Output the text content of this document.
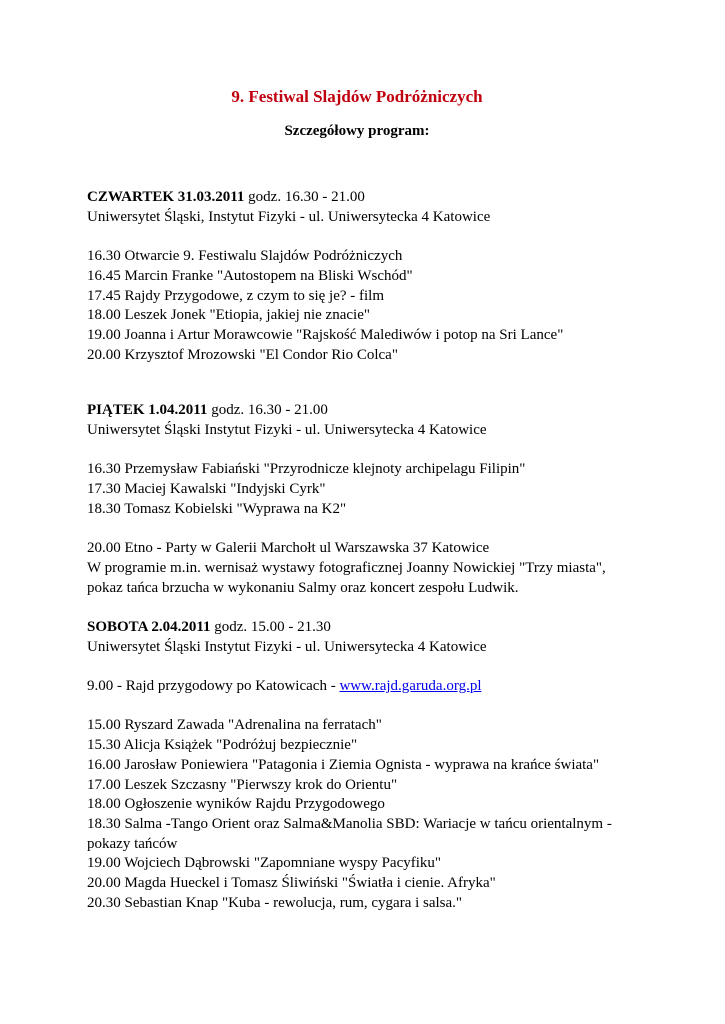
9. Festiwal Slajdów Podróżniczych
Szczegółowy program:
CZWARTEK 31.03.2011 godz. 16.30 - 21.00
Uniwersytet Śląski, Instytut Fizyki - ul. Uniwersytecka 4 Katowice
16.30 Otwarcie 9. Festiwalu Slajdów Podróżniczych
16.45 Marcin Franke "Autostopem na Bliski Wschód"
17.45 Rajdy Przygodowe, z czym to się je? - film
18.00 Leszek Jonek "Etiopia, jakiej nie znacie"
19.00 Joanna i Artur Morawcowie "Rajskość Malediwów i potop na Sri Lance"
20.00 Krzysztof Mrozowski "El Condor Rio Colca"
PIĄTEK 1.04.2011 godz. 16.30 - 21.00
Uniwersytet Śląski Instytut Fizyki - ul. Uniwersytecka 4 Katowice
16.30 Przemysław Fabiański "Przyrodnicze klejnoty archipelagu Filipin"
17.30 Maciej Kawalski "Indyjski Cyrk"
18.30 Tomasz Kobielski "Wyprawa na K2"
20.00 Etno - Party w Galerii Marchołt ul Warszawska 37 Katowice
W programie m.in. wernisaż wystawy fotograficznej Joanny Nowickiej "Trzy miasta", pokaz tańca brzucha w wykonaniu Salmy oraz koncert zespołu Ludwik.
SOBOTA 2.04.2011 godz. 15.00 - 21.30
Uniwersytet Śląski Instytut Fizyki - ul. Uniwersytecka 4 Katowice
9.00 - Rajd przygodowy po Katowicach - www.rajd.garuda.org.pl
15.00 Ryszard Zawada "Adrenalina na ferratach"
15.30 Alicja Książek "Podróżuj bezpiecznie"
16.00 Jarosław Poniewiera "Patagonia i Ziemia Ognista - wyprawa na krańce świata"
17.00 Leszek Szczasny "Pierwszy krok do Orientu"
18.00 Ogłoszenie wyników Rajdu Przygodowego
18.30 Salma -Tango Orient oraz Salma&Manolia SBD: Wariacje w tańcu orientalnym - pokazy tańców
19.00 Wojciech Dąbrowski "Zapomniane wyspy Pacyfiku"
20.00 Magda Hueckel i Tomasz Śliwiński "Światła i cienie. Afryka"
20.30 Sebastian Knap "Kuba - rewolucja, rum, cygara i salsa."
